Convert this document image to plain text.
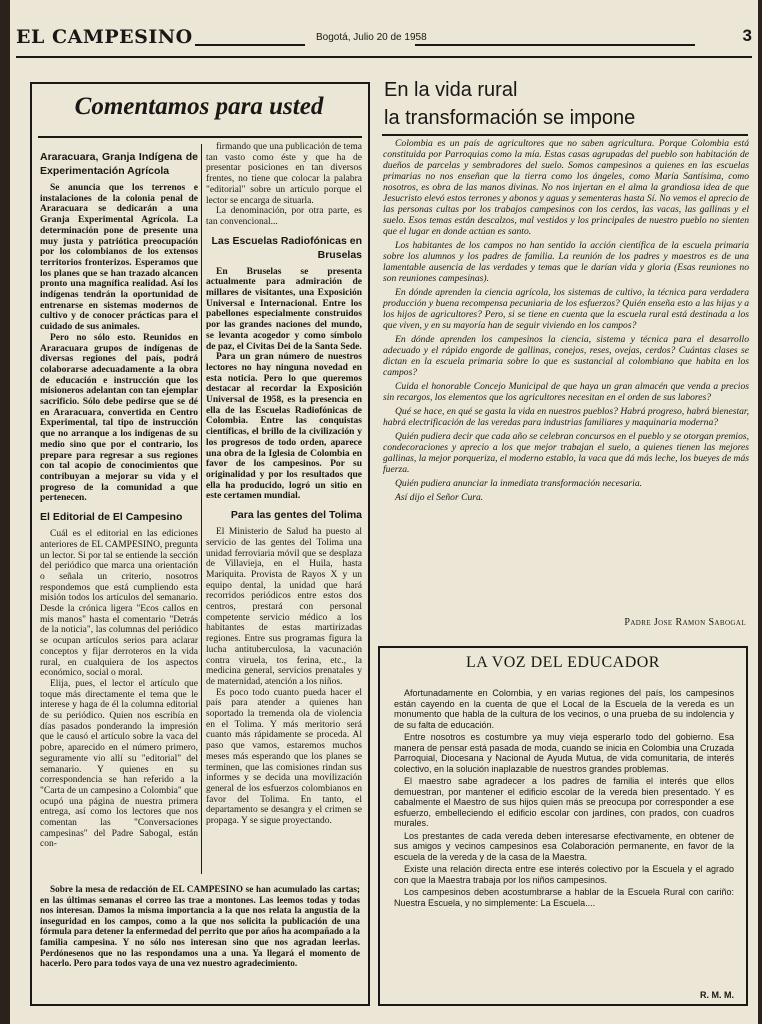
EL CAMPESINO	Bogotá, Julio 20 de 1958	3
Comentamos para usted
Araracuara, Granja Indígena de Experimentación Agrícola

Se anuncia que los terrenos e instalaciones de la colonia penal de Araracuara se dedicarán a una Granja Experimental Agrícola. La determinación pone de presente una muy justa y patriótica preocupación por los colombianos de los extensos territorios fronterizos. Esperamos que los planes que se han trazado alcancen pronto una magnífica realidad. Así los indígenas tendrán la oportunidad de entrenarse en sistemas modernos de cultivo y de conocer prácticas para el cuidado de sus animales.

Pero no sólo esto. Reunidos en Araracuara grupos de indígenas de diversas regiones del país, podrá colaborarse adecuadamente a la obra de educación e instrucción que los misioneros adelantan con tan ejemplar sacrificio. Sólo debe pedirse que se dé en Araracuara, convertida en Centro Experimental, tal tipo de instrucción que no arranque a los indígenas de su medio sino que por el contrario, los prepare para regresar a sus regiones con tal acopio de conocimientos que contribuyan a mejorar su vida y el progreso de la comunidad a que pertenecen.

El Editorial de El Campesino

Cuál es el editorial en las ediciones anteriores de EL CAMPESINO, pregunta un lector. Si por tal se entiende la sección del periódico que marca una orientación o señala un criterio, nosotros respondemos que está cumpliendo esta misión todos los artículos del semanario. Desde la crónica ligera "Ecos callos en mis manos" hasta el comentario "Detrás de la noticia", las columnas del periódico se ocupan artículos serios para aclarar conceptos y fijar derroteros en la vida rural, en cualquiera de los aspectos económico, social o moral.

Elija, pues, el lector el artículo que toque más directamente el tema que le interese y haga de él la columna editorial de su periódico. Quien nos escribía en días pasados ponderando la impresión que le causó el artículo sobre la vaca del pobre, aparecido en el número primero, seguramente vio allí su "editorial" del semanario. Y quienes en su correspondencia se han referido a la "Carta de un campesino a Colombia" que ocupó una página de nuestra primera entrega, así como los lectores que nos comentan las "Conversaciones campesinas" del Padre Sabogal, están con-

firmando que una publicación de tema tan vasto como éste y que ha de presentar posiciones en tan diversos frentes, no tiene que colocar la palabra "editorial" sobre un artículo porque el lector se encarga de situarla.

La denominación, por otra parte, es tan convencional...

Las Escuelas Radiofónicas en Bruselas

En Bruselas se presenta actualmente para admiración de millares de visitantes, una Exposición Universal e Internacional. Entre los pabellones especialmente construidos por las grandes naciones del mundo, se levanta acogedor y como símbolo de paz, el Civitas Dei de la Santa Sede.

Para un gran número de nuestros lectores no hay ninguna novedad en esta noticia. Pero lo que queremos destacar al recordar la Exposición Universal de 1958, es la presencia en ella de las Escuelas Radiofónicas de Colombia. Entre las conquistas científicas, el brillo de la civilización y los progresos de todo orden, aparece una obra de la Iglesia de Colombia en favor de los campesinos. Por su originalidad y por los resultados que ella ha producido, logró un sitio en este certamen mundial.

Para las gentes del Tolima

El Ministerio de Salud ha puesto al servicio de las gentes del Tolima una unidad ferroviaria móvil que se desplaza de Villavieja, en el Huila, hasta Mariquita. Provista de Rayos X y un equipo dental, la unidad que hará recorridos periódicos entre estos dos centros, prestará con personal competente servicio médico a los habitantes de estas martirizadas regiones. Entre sus programas figura la lucha antituberculosa, la vacunación contra viruela, tos ferina, etc., la medicina general, servicios prenatales y de maternidad, atención a los niños.

Es poco todo cuanto pueda hacer el país para atender a quienes han soportado la tremenda ola de violencia en el Tolima. Y más meritorio será cuanto más rápidamente se proceda. Al paso que vamos, estaremos muchos meses más esperando que los planes se terminen, que las comisiones rindan sus informes y se decida una movilización general de los esfuerzos colombianos en favor del Tolima. En tanto, el departamento se desangra y el crimen se propaga. Y se sigue proyectando.

Sobre la mesa de redacción de EL CAMPESINO se han acumulado las cartas; en las últimas semanas el correo las trae a montones. Las leemos todas y todas nos interesan. Damos la misma importancia a la que nos relata la angustia de la inseguridad en los campos, como a la que nos solicita la publicación de una fórmula para detener la enfermedad del perrito que por años ha acompañado a la familia campesina. Y no sólo nos interesan sino que nos agradan leerlas. Perdónesenos que no las respondamos una a una. Ya llegará el momento de hacerlo. Pero para todos vaya de una vez nuestro agradecimiento.

En la vida rural
la transformación se impone

Colombia es un país de agricultores que no saben agricultura. Porque Colombia está constituida por Parroquias como la mía. Estas casas agrupadas del pueblo son habitación de dueños de parcelas y sembradores del suelo. Somos campesinos a quienes en las escuelas primarias no nos enseñan que la tierra como los ángeles, como María Santísima, como nosotros, es obra de las manos divinas. No nos injertan en el alma la grandiosa idea de que Jesucristo elevó estos terrones y abonos y aguas y sementeras hasta Sí. No vemos el aprecio de las personas cultas por los trabajos campesinos con los cerdos, las vacas, las gallinas y el suelo. Esos temas están descalzos, mal vestidos y los principales de nuestro pueblo no sienten que el lugar en donde actúan es santo.

Los habitantes de los campos no han sentido la acción científica de la escuela primaria sobre los alumnos y los padres de familia. La reunión de los padres y maestros es de una lamentable ausencia de las verdades y temas que le darían vida y gloria (Esas reuniones no son reuniones campesinas).

En dónde aprenden la ciencia agrícola, los sistemas de cultivo, la técnica para verdadera producción y buena recompensa pecuniaria de los esfuerzos? Quién enseña esto a las hijas y a los hijos de agricultores? Pero, si se tiene en cuenta que la escuela rural está destinada a los que viven, y en su mayoría han de seguir viviendo en los campos?

En dónde aprenden los campesinos la ciencia, sistema y técnica para el desarrollo adecuado y el rápido engorde de gallinas, conejos, reses, ovejas, cerdos? Cuántas clases se dictan en la escuela primaria sobre lo que es sustancial al colombiano que habita en los campos?

Cuida el honorable Concejo Municipal de que haya un gran almacén que venda a precios sin recargos, los elementos que los agricultores necesitan en el orden de sus labores?

Qué se hace, en qué se gasta la vida en nuestros pueblos? Habrá progreso, habrá bienestar, habrá electrificación de las veredas para industrias familiares y maquinaria moderna?

Quién pudiera decir que cada año se celebran concursos en el pueblo y se otorgan premios, condecoraciones y aprecio a los que mejor trabajan el suelo, a quienes tienen las mejores gallinas, la mejor porqueriza, el moderno establo, la vaca que dá más leche, los bueyes de más fuerza.

Quién pudiera anunciar la inmediata transformación necesaria.

Así dijo el Señor Cura.

Padre Jose Ramon Sabogal
LA VOZ DEL EDUCADOR

Afortunadamente en Colombia, y en varias regiones del país, los campesinos están cayendo en la cuenta de que el Local de la Escuela de la vereda es un monumento que habla de la cultura de los vecinos, o una prueba de su indolencia y de su falta de educación.

Entre nosotros es costumbre ya muy vieja esperarlo todo del gobierno. Esa manera de pensar está pasada de moda, cuando se inicia en Colombia una Cruzada Parroquial, Diocesana y Nacional de Ayuda Mutua, de vida comunitaria, de interés colectivo, en la solución inaplazable de nuestros grandes problemas.

El maestro sabe agradecer a los padres de familia el interés que ellos demuestran, por mantener el edificio escolar de la vereda bien presentado. Y es cabalmente el Maestro de sus hijos quien más se preocupa por corresponder a ese esfuerzo, embelleciendo el edificio escolar con jardines, con prados, con cuadros murales.

Los prestantes de cada vereda deben interesarse efectivamente, en obtener de sus amigos y vecinos campesinos esa Colaboración permanente, en favor de la escuela de la vereda y de la casa de la Maestra.

Existe una relación directa entre ese interés colectivo por la Escuela y el agrado con que la Maestra trabaja por los niños campesinos.

Los campesinos deben acostumbrarse a hablar de la Escuela Rural con cariño: Nuestra Escuela, y no simplemente: La Escuela....

R. M. M.
